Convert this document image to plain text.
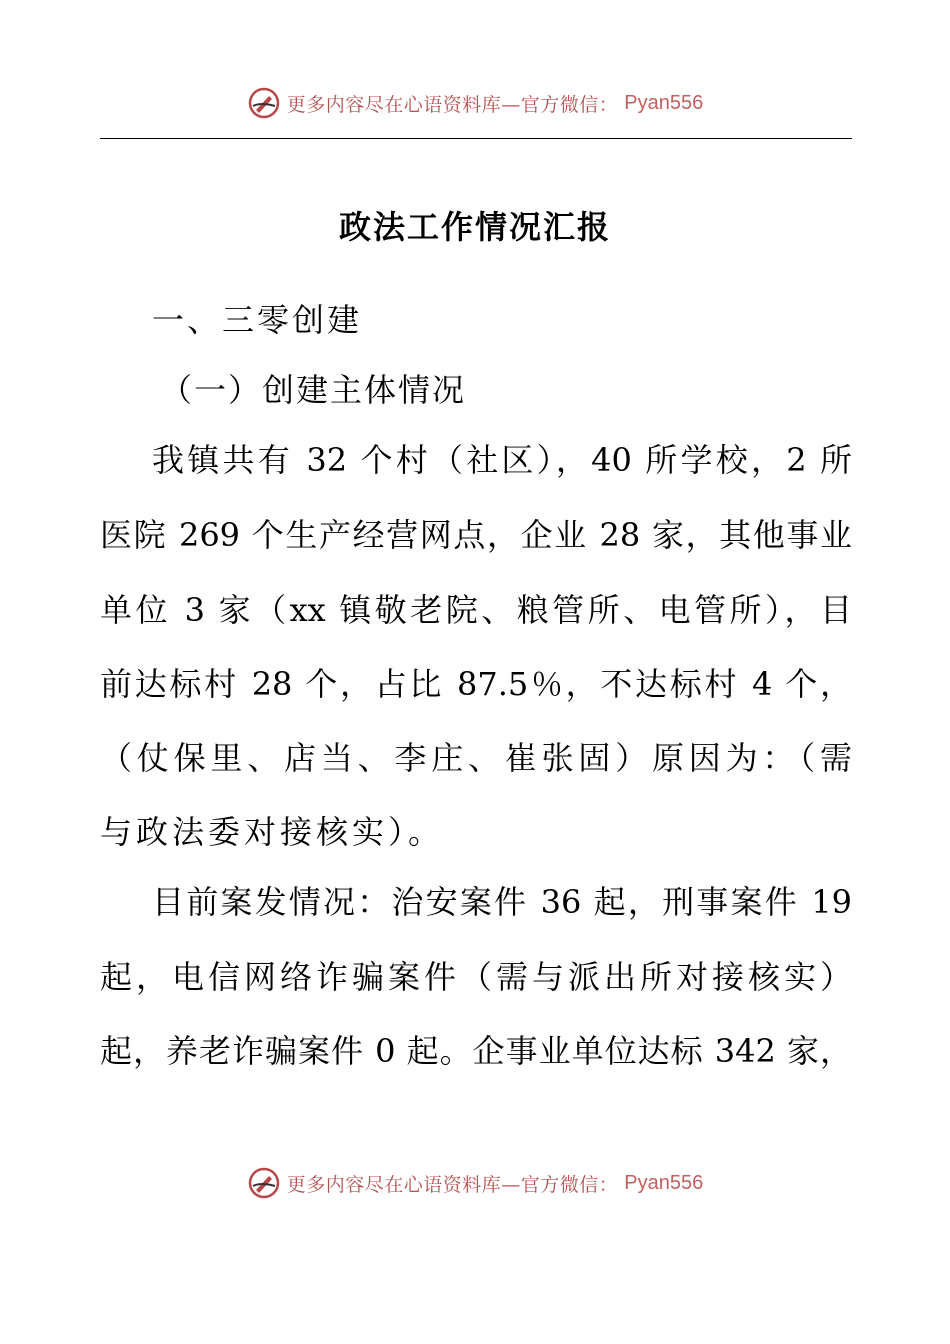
更多内容尽在心语资料库—官方微信： Pyan556
政法工作情况汇报
一、三零创建
（一）创建主体情况
我镇共有 32 个村（社区），40 所学校，2 所
医院 269 个生产经营网点，企业 28 家，其他事业
单位 3 家（xx 镇敬老院、粮管所、电管所），目
前达标村 28 个，占比 87.5％，不达标村 4 个，
（仗保里、店当、李庄、崔张固）原因为：（需
与政法委对接核实）。
目前案发情况：治安案件 36 起，刑事案件 19
起，电信网络诈骗案件（需与派出所对接核实）
起，养老诈骗案件 0 起。企事业单位达标 342 家，
更多内容尽在心语资料库—官方微信： Pyan556
